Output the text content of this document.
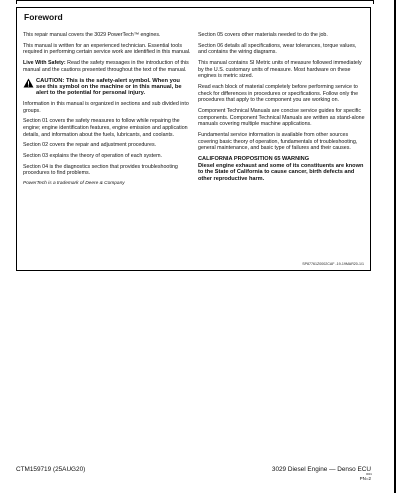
Foreword

This repair manual covers the 3029 PowerTech™ engines.

This manual is written for an experienced technician. Essential tools required in performing certain service work are identified in this manual.

Live With Safety: Read the safety messages in the introduction of this manual and the cautions presented throughout the text of the manual.

CAUTION: This is the safety-alert symbol. When you see this symbol on the machine or in this manual, be alert to the potential for personal injury.

Information in this manual is organized in sections and sub divided into groups.

Section 01 covers the safety measures to follow while repairing the engine; engine identification features, engine emission and application details, and information about the fuels, lubricants, and coolants.

Section 02 covers the repair and adjustment procedures.

Section 03 explains the theory of operation of each system.

Section 04 is the diagnostics section that provides troubleshooting procedures to find problems.

PowerTech is a trademark of Deere & Company

Section 05 covers other materials needed to do the job.

Section 06 details all specifications, wear tolerances, torque values, and contains the wiring diagrams.

This manual contains SI Metric units of measure followed immediately by the U.S. customary units of measure. Most hardware on these engines is metric sized.

Read each block of material completely before performing service to check for differences in procedures or specifications. Follow only the procedures that apply to the component you are working on.

Component Technical Manuals are concise service guides for specific components. Component Technical Manuals are written as stand-alone manuals covering multiple machine applications.

Fundamental service information is available from other sources covering basic theory of operation, fundamentals of troubleshooting, general maintenance, and basic type of failures and their causes.

CALIFORNIA PROPOSITION 65 WARNING
Diesel engine exhaust and some of its constituents are known to the State of California to cause cancer, birth defects and other reproductive harm.
SP87761Z0002CAF -19-19MAR20-1/1
CTM159719 (25AUG20)	3029 Diesel Engine — Denso ECU
0001
PN=2
